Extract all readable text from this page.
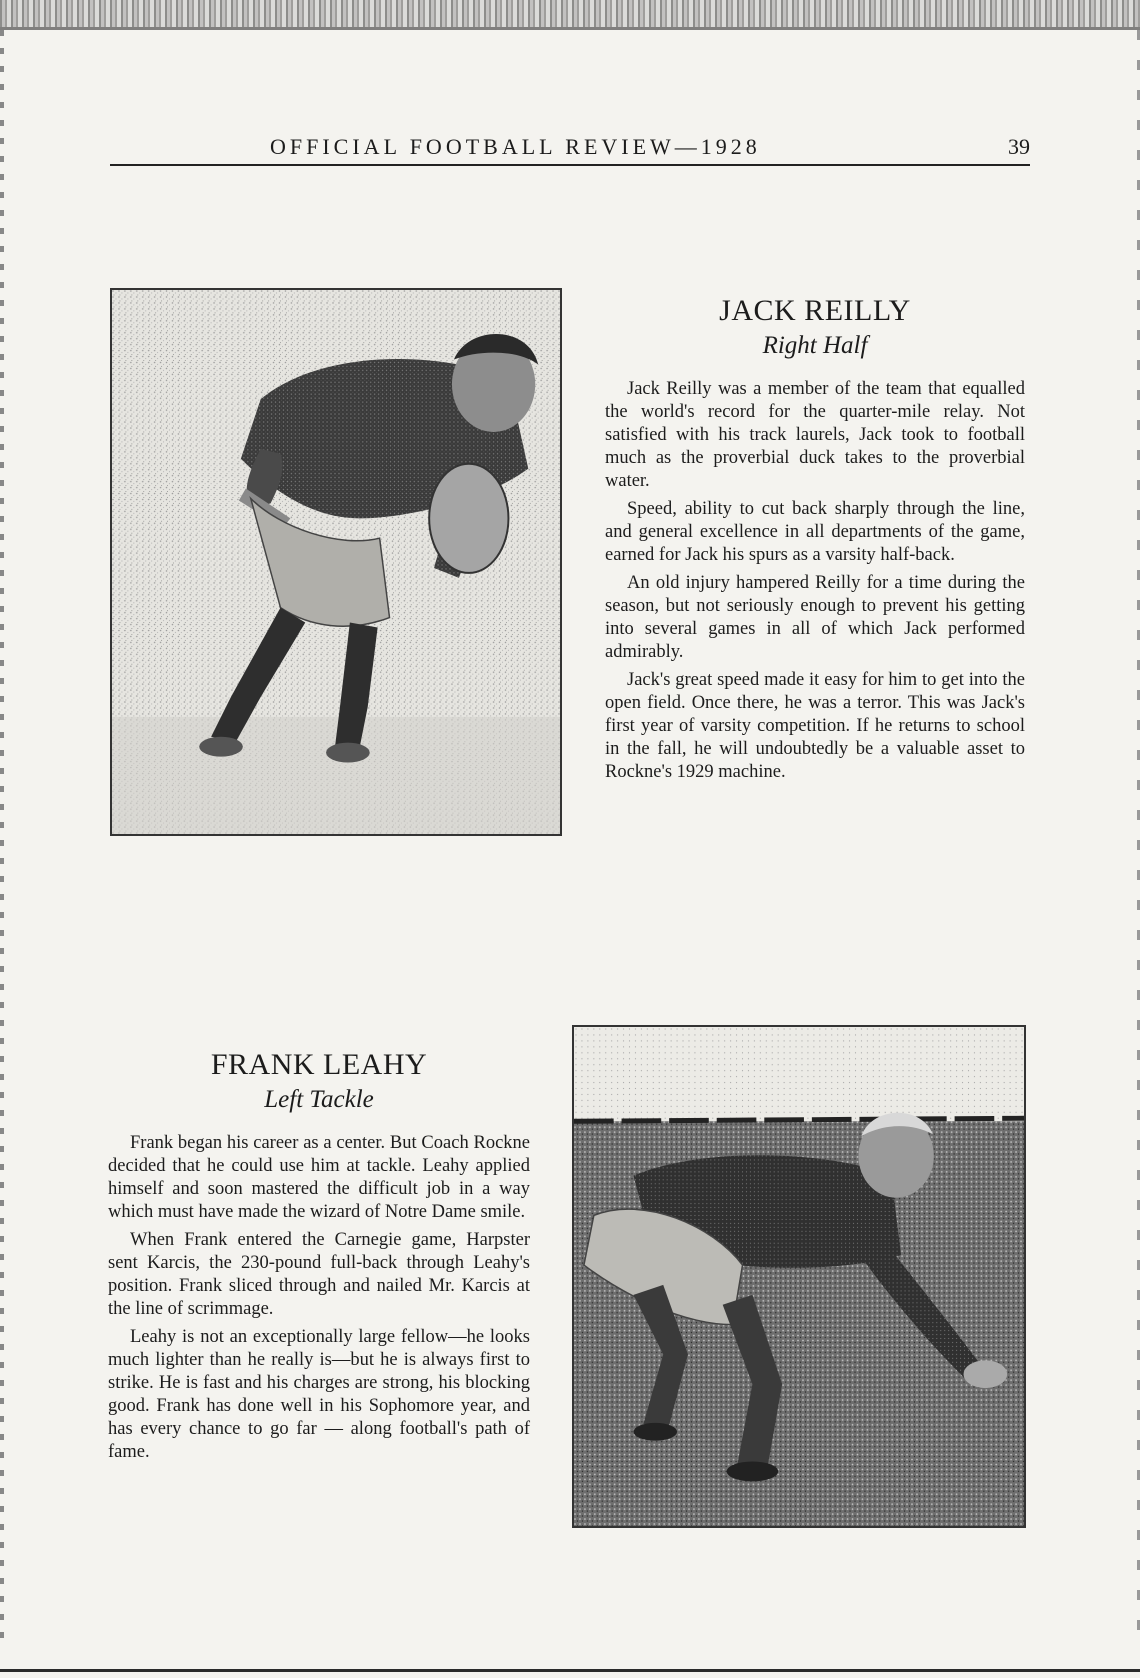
OFFICIAL FOOTBALL REVIEW—1928	39
JACK REILLY
Right Half

Jack Reilly was a member of the team that equalled the world's record for the quarter-mile relay. Not satisfied with his track laurels, Jack took to football much as the proverbial duck takes to the proverbial water.

Speed, ability to cut back sharply through the line, and general excellence in all departments of the game, earned for Jack his spurs as a varsity half-back.

An old injury hampered Reilly for a time during the season, but not seriously enough to prevent his getting into several games in all of which Jack performed admirably.

Jack's great speed made it easy for him to get into the open field. Once there, he was a terror. This was Jack's first year of varsity competition. If he returns to school in the fall, he will undoubtedly be a valuable asset to Rockne's 1929 machine.

FRANK LEAHY
Left Tackle

Frank began his career as a center. But Coach Rockne decided that he could use him at tackle. Leahy applied himself and soon mastered the difficult job in a way which must have made the wizard of Notre Dame smile.

When Frank entered the Carnegie game, Harpster sent Karcis, the 230-pound full-back through Leahy's position. Frank sliced through and nailed Mr. Karcis at the line of scrimmage.

Leahy is not an exceptionally large fellow—he looks much lighter than he really is—but he is always first to strike. He is fast and his charges are strong, his blocking good. Frank has done well in his Sophomore year, and has every chance to go far — along football's path of fame.
